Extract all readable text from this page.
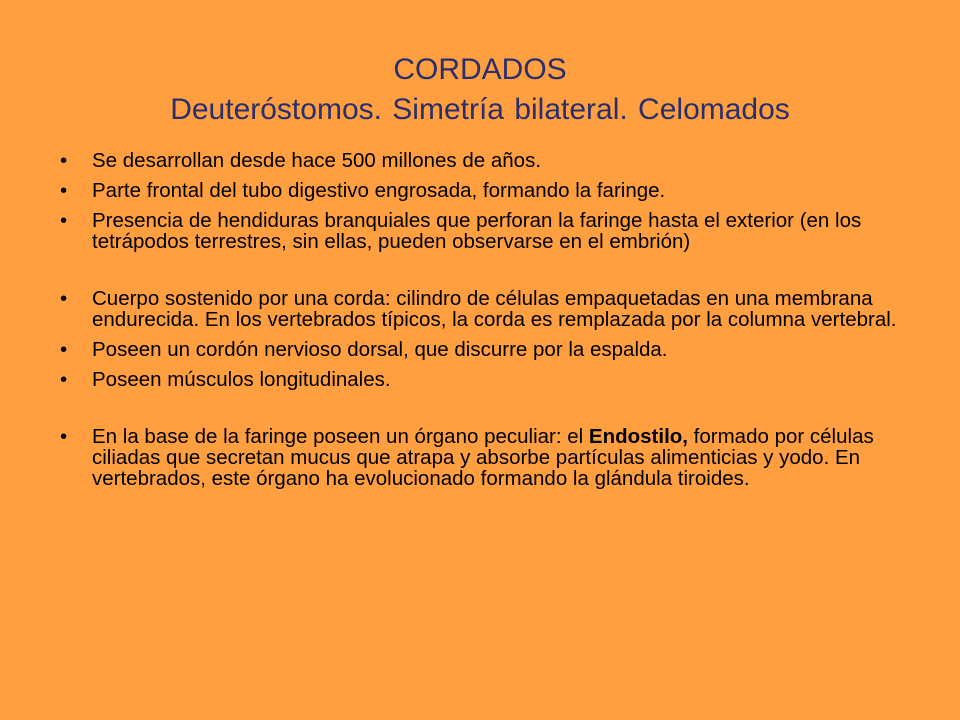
CORDADOS
Deuteróstomos. Simetría bilateral. Celomados
•	Se desarrollan desde hace 500 millones de años.
•	Parte frontal del tubo digestivo engrosada, formando la faringe.
•	Presencia de hendiduras branquiales que perforan la faringe hasta el exterior (en los tetrápodos terrestres, sin ellas, pueden observarse en el embrión)
•	Cuerpo sostenido por una corda: cilindro de células empaquetadas en una membrana endurecida. En los vertebrados típicos, la corda es remplazada por la columna vertebral.
•	Poseen un cordón nervioso dorsal, que discurre por la espalda.
•	Poseen músculos longitudinales.
•	En la base de la faringe poseen un órgano peculiar: el Endostilo, formado por células ciliadas que secretan mucus que atrapa y absorbe partículas alimenticias y yodo. En vertebrados, este órgano ha evolucionado formando la glándula tiroides.
